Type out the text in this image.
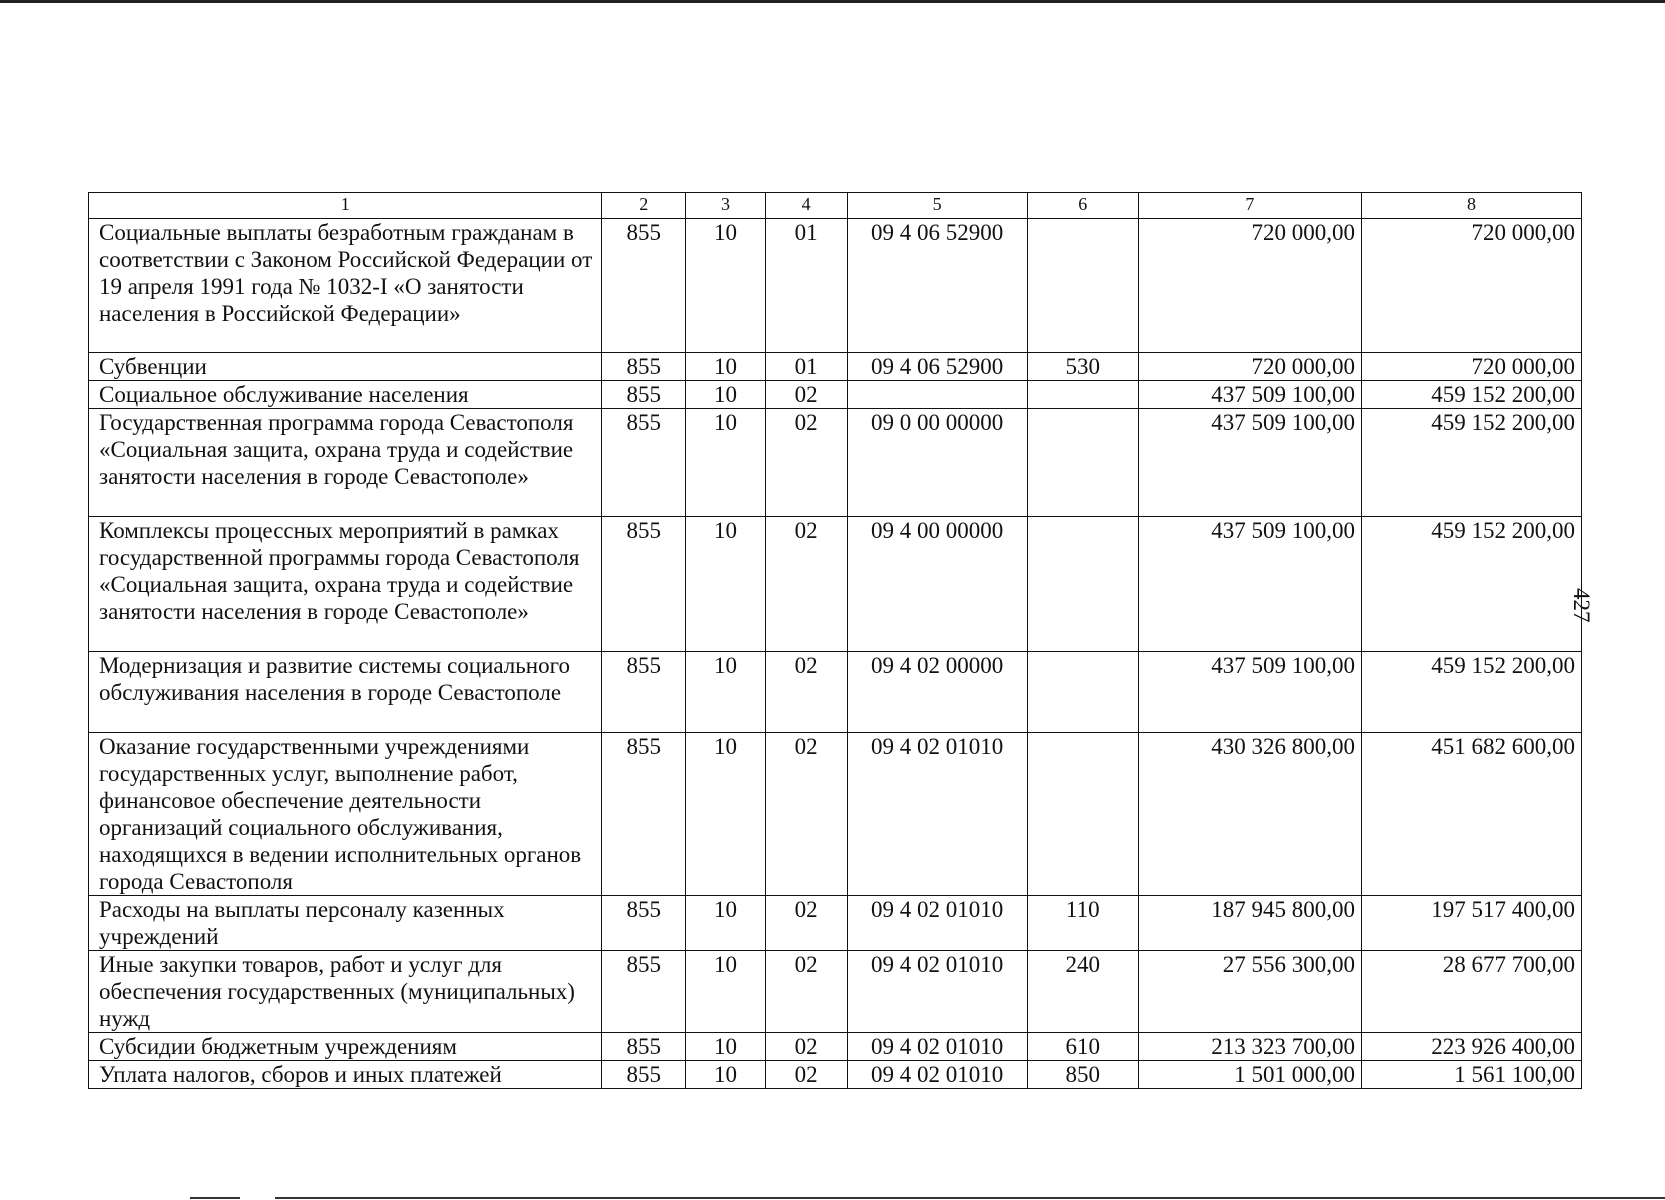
1	2	3	4	5	6	7	8
Социальные выплаты безработным гражданам в соответствии с Законом Российской Федерации от 19 апреля 1991 года № 1032-I «О занятости населения в Российской Федерации»	855	10	01	09 4 06 52900		720 000,00	720 000,00
Субвенции	855	10	01	09 4 06 52900	530	720 000,00	720 000,00
Социальное обслуживание населения	855	10	02			437 509 100,00	459 152 200,00
Государственная программа города Севастополя «Социальная защита, охрана труда и содействие занятости населения в городе Севастополе»	855	10	02	09 0 00 00000		437 509 100,00	459 152 200,00
Комплексы процессных мероприятий в рамках государственной программы города Севастополя «Социальная защита, охрана труда и содействие занятости населения в городе Севастополе»	855	10	02	09 4 00 00000		437 509 100,00	459 152 200,00
Модернизация и развитие системы социального обслуживания населения в городе Севастополе	855	10	02	09 4 02 00000		437 509 100,00	459 152 200,00
Оказание государственными учреждениями государственных услуг, выполнение работ, финансовое обеспечение деятельности организаций социального обслуживания, находящихся в ведении исполнительных органов города Севастополя	855	10	02	09 4 02 01010		430 326 800,00	451 682 600,00
Расходы на выплаты персоналу казенных учреждений	855	10	02	09 4 02 01010	110	187 945 800,00	197 517 400,00
Иные закупки товаров, работ и услуг для обеспечения государственных (муниципальных) нужд	855	10	02	09 4 02 01010	240	27 556 300,00	28 677 700,00
Субсидии бюджетным учреждениям	855	10	02	09 4 02 01010	610	213 323 700,00	223 926 400,00
Уплата налогов, сборов и иных платежей	855	10	02	09 4 02 01010	850	1 501 000,00	1 561 100,00
427
